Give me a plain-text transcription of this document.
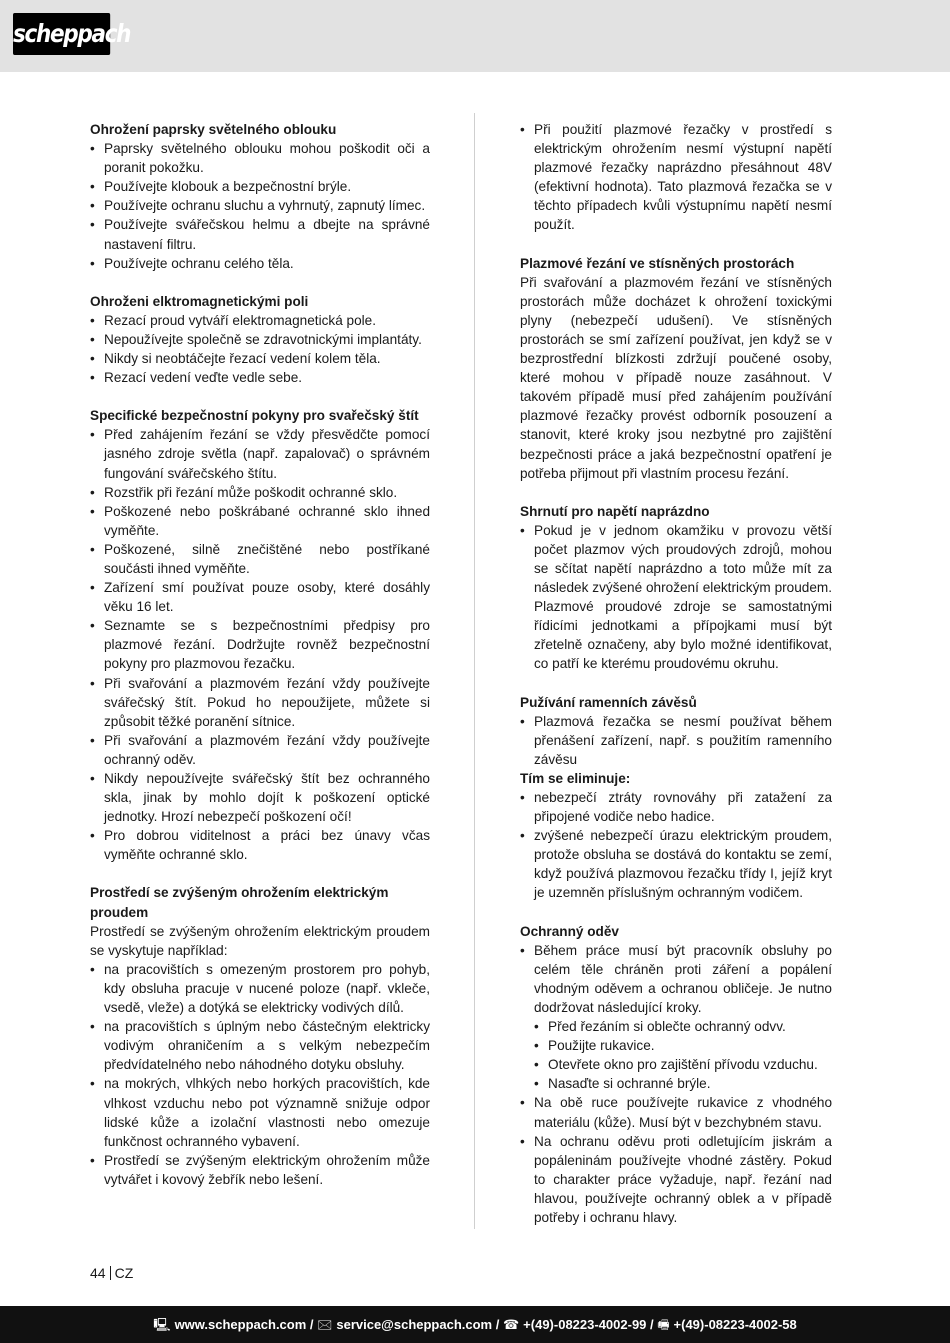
scheppach

Ohrožení paprsky světelného oblouku

• Paprsky světelného oblouku mohou poškodit oči a poranit pokožku.
• Používejte klobouk a bezpečnostní brýle.
• Používejte ochranu sluchu a vyhrnutý, zapnutý límec.
• Používejte svářečskou helmu a dbejte na správné nastavení filtru.
• Používejte ochranu celého těla.

Ohroženi elktromagnetickými poli

• Rezací proud vytváří elektromagnetická pole.
• Nepoužívejte společně se zdravotnickými implantáty.
• Nikdy si neobtáčejte řezací vedení kolem těla.
• Rezací vedení veďte vedle sebe.

Specifické bezpečnostní pokyny pro svařečský štít

• Před zahájením řezání se vždy přesvědčte pomocí jasného zdroje světla (např. zapalovač) o správném fungování svářečského štítu.
• Rozstřik při řezání může poškodit ochranné sklo.
• Poškozené nebo poškrábané ochranné sklo ihned vyměňte.
• Poškozené, silně znečištěné nebo postříkané součásti ihned vyměňte.
• Zařízení smí používat pouze osoby, které dosáhly věku 16 let.
• Seznamte se s bezpečnostními předpisy pro plazmové řezání. Dodržujte rovněž bezpečnostní pokyny pro plazmovou řezačku.
• Při svařování a plazmovém řezání vždy používejte svářečský štít. Pokud ho nepoužijete, můžete si způsobit těžké poranění sítnice.
• Při svařování a plazmovém řezání vždy používejte ochranný oděv.
• Nikdy nepoužívejte svářečský štít bez ochranného skla, jinak by mohlo dojít k poškození optické jednotky. Hrozí nebezpečí poškození očí!
• Pro dobrou viditelnost a práci bez únavy včas vyměňte ochranné sklo.

Prostředí se zvýšeným ohrožením elektrickým proudem

Prostředí se zvýšeným ohrožením elektrickým proudem se vyskytuje například:

• na pracovištích s omezeným prostorem pro pohyb, kdy obsluha pracuje v nucené poloze (např. vkleče, vsedě, vleže) a dotýká se elektricky vodivých dílů.
• na pracovištích s úplným nebo částečným elektricky vodivým ohraničením a s velkým nebezpečím předvídatelného nebo náhodného dotyku obsluhy.
• na mokrých, vlhkých nebo horkých pracovištích, kde vlhkost vzduchu nebo pot významně snižuje odpor lidské kůže a izolační vlastnosti nebo omezuje funkčnost ochranného vybavení.
• Prostředí se zvýšeným elektrickým ohrožením může vytvářet i kovový žebřík nebo lešení.
• Při použití plazmové řezačky v prostředí s elektrickým ohrožením nesmí výstupní napětí plazmové řezačky naprázdno přesáhnout 48V (efektivní hodnota). Tato plazmová řezačka se v těchto případech kvůli výstupnímu napětí nesmí použít.

Plazmové řezání ve stísněných prostorách

Při svařování a plazmovém řezání ve stísněných prostorách může docházet k ohrožení toxickými plyny (nebezpečí udušení). Ve stísněných prostorách se smí zařízení používat, jen když se v bezprostřední blízkosti zdržují poučené osoby, které mohou v případě nouze zasáhnout. V takovém případě musí před zahájením používání plazmové řezačky provést odborník posouzení a stanovit, které kroky jsou nezbytné pro zajištění bezpečnosti práce a jaká bezpečnostní opatření je potřeba přijmout při vlastním procesu řezání.

Shrnutí pro napětí naprázdno

• Pokud je v jednom okamžiku v provozu větší počet plazmov vých proudových zdrojů, mohou se sčítat napětí naprázdno a toto může mít za následek zvýšené ohrožení elektrickým proudem. Plazmové proudové zdroje se samostatnými řídicími jednotkami a přípojkami musí být zřetelně označeny, aby bylo možné identifikovat, co patří ke kterému proudovému okruhu.

Pužívání ramenních závěsů

• Plazmová řezačka se nesmí používat během přenášení zařízení, např. s použitím ramenního závěsu

Tím se eliminuje:

• nebezpečí ztráty rovnováhy při zatažení za připojené vodiče nebo hadice.
• zvýšené nebezpečí úrazu elektrickým proudem, protože obsluha se dostává do kontaktu se zemí, když používá plazmovou řezačku třídy I, jejíž kryt je uzemněn příslušným ochranným vodičem.

Ochranný oděv

• Během práce musí být pracovník obsluhy po celém těle chráněn proti záření a popálení vhodným oděvem a ochranou obličeje. Je nutno dodržovat následující kroky.
• Před řezáním si oblečte ochranný odvv.
• Použijte rukavice.
• Otevřete okno pro zajištění přívodu vzduchu.
• Nasaďte si ochranné brýle.
• Na obě ruce používejte rukavice z vhodného materiálu (kůže). Musí být v bezchybném stavu.
• Na ochranu oděvu proti odletujícím jiskrám a popáleninám používejte vhodné zástěry. Pokud to charakter práce vyžaduje, např. řezání nad hlavou, používejte ochranný oblek a v případě potřeby i ochranu hlavy.
44 CZ
🖳 www.scheppach.com / 🖂 service@scheppach.com / ☎ +(49)-08223-4002-99 / 🖷 +(49)-08223-4002-58
